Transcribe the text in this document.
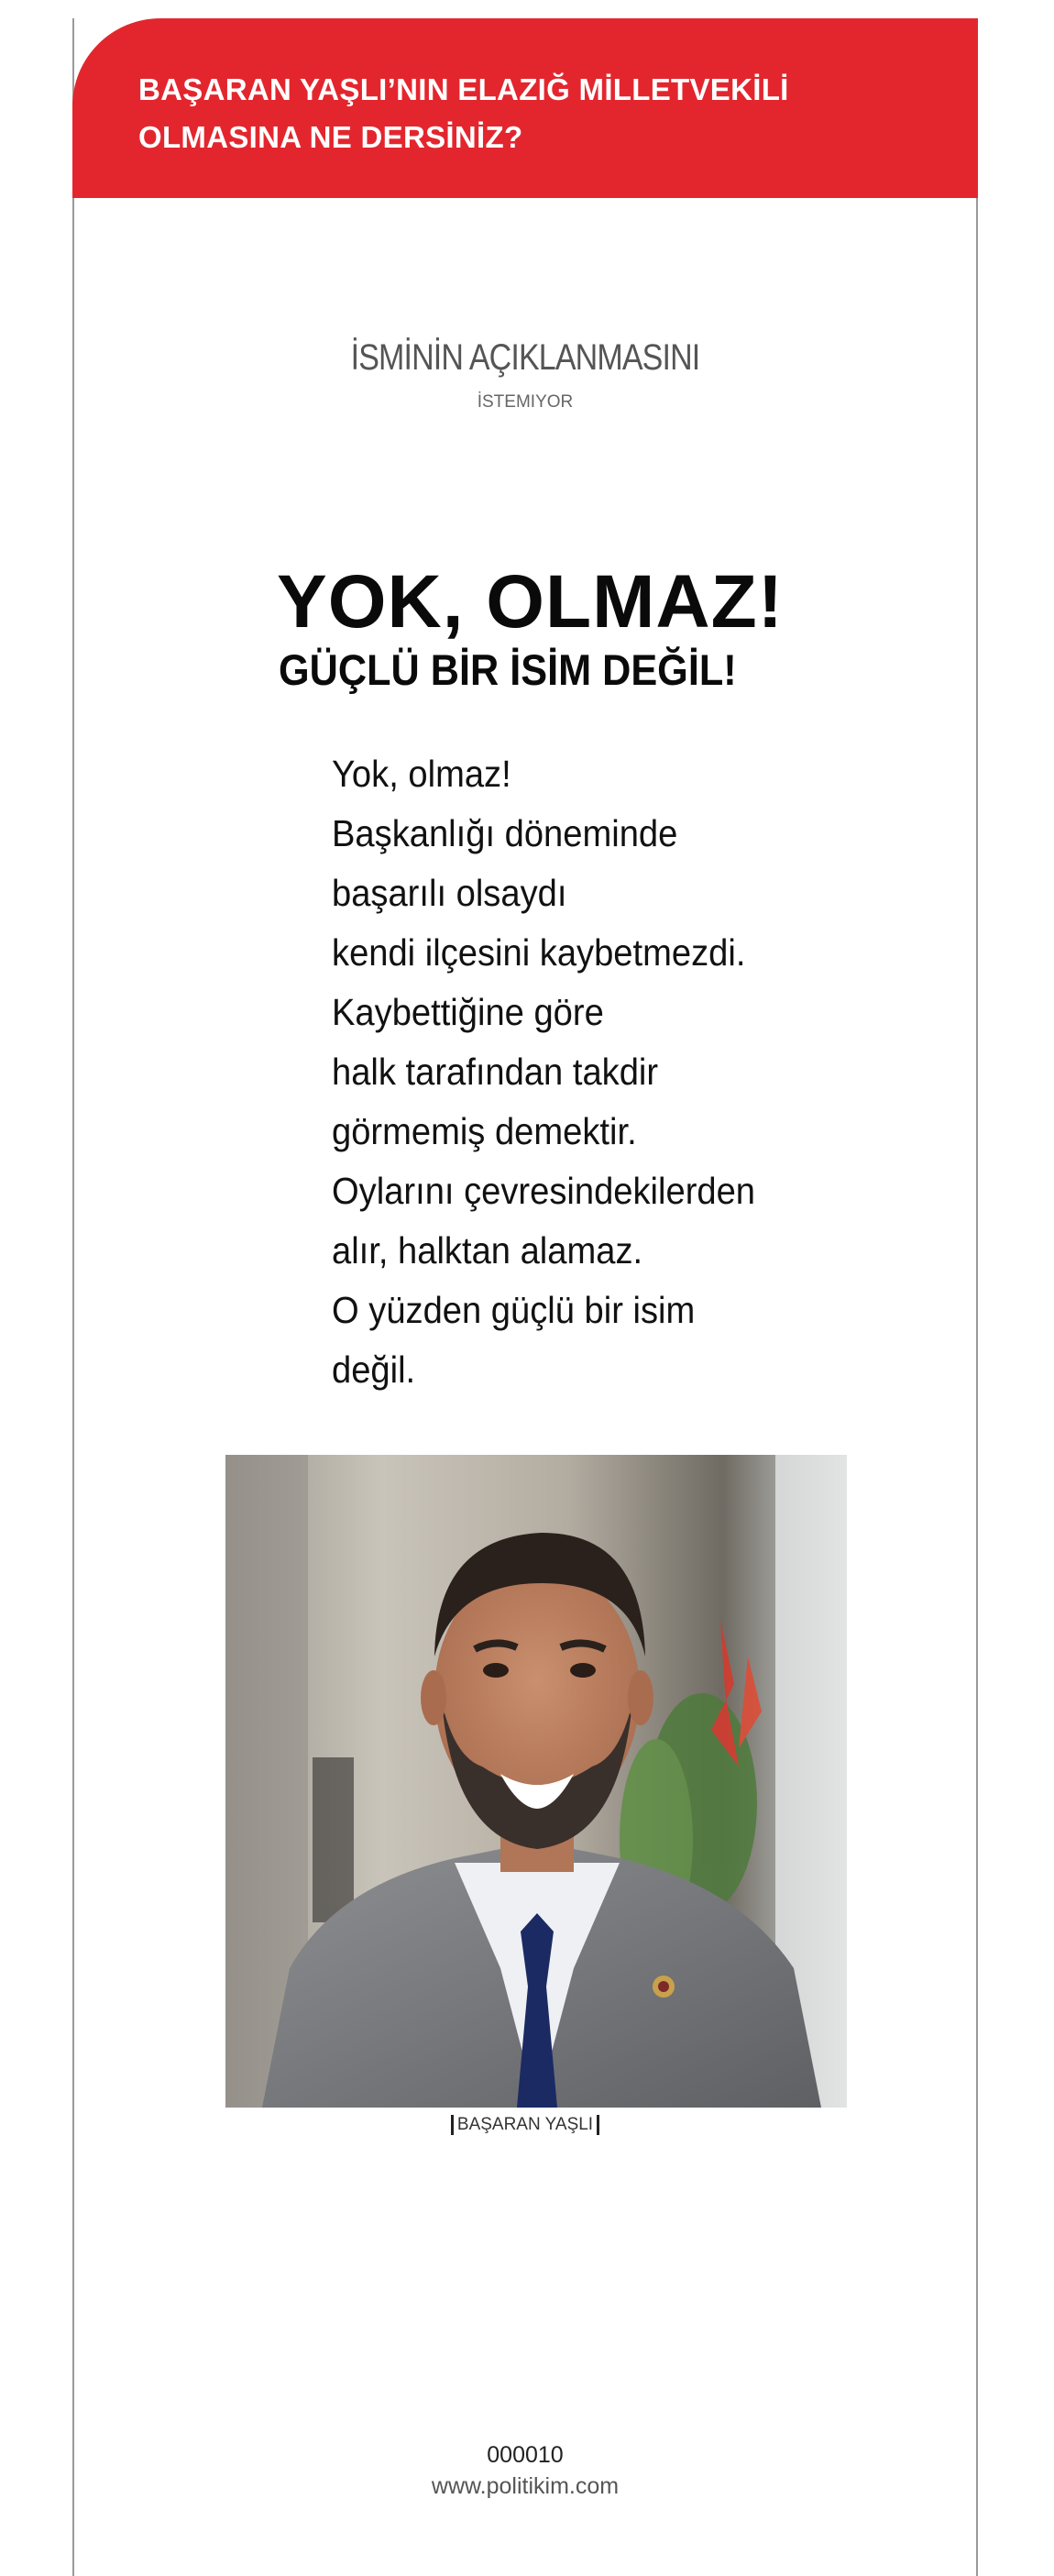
BAŞARAN YAŞLI’NIN ELAZIĞ MİLLETVEKİLİ
OLMASINA NE DERSİNİZ?
İSMİNİN AÇIKLANMASINI
İSTEMIYOR
YOK, OLMAZ!
GÜÇLÜ BİR İSİM DEĞİL!
Yok, olmaz!
Başkanlığı döneminde
başarılı olsaydı
kendi ilçesini kaybetmezdi.
Kaybettiğine göre
halk tarafından takdir
görmemiş demektir.
Oylarını çevresindekilerden
alır, halktan alamaz.
O yüzden güçlü bir isim
değil.
BAŞARAN YAŞLI
000010
www.politikim.com
